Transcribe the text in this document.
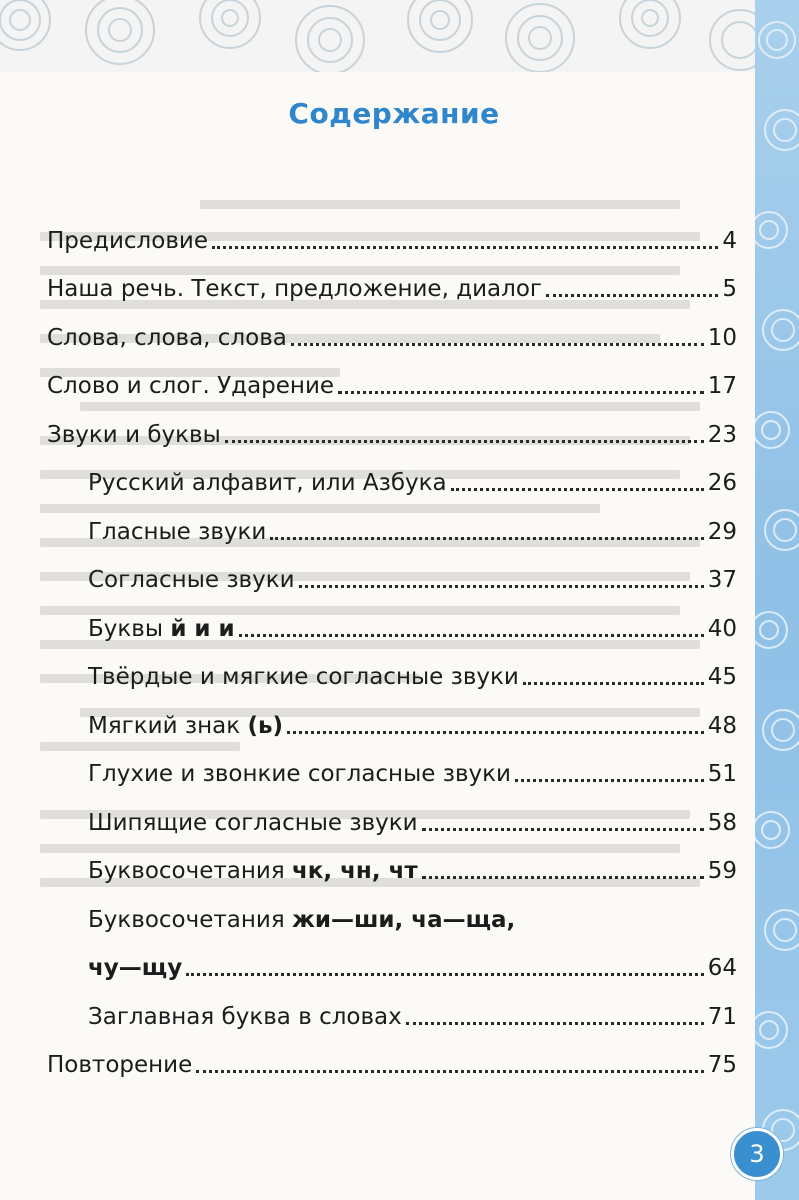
Содержание
Предисловие	4
Наша речь. Текст, предложение, диалог	5
Слова, слова, слова	10
Слово и слог. Ударение	17
Звуки и буквы	23
Русский алфавит, или Азбука	26
Гласные звуки	29
Согласные звуки	37
Буквы й и и	40
Твёрдые и мягкие согласные звуки	45
Мягкий знак (ь)	48
Глухие и звонкие согласные звуки	51
Шипящие согласные звуки	58
Буквосочетания чк, чн, чт	59
Буквосочетания жи—ши, ча—ща,
чу—щу	64
Заглавная буква в словах	71
Повторение	75
3
